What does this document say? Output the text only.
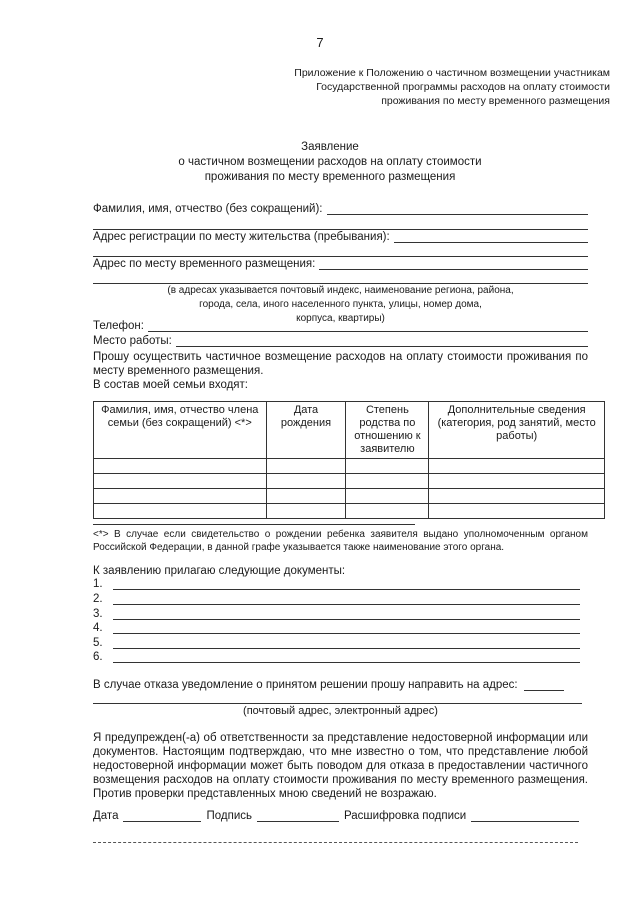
7
Приложение к Положению о частичном возмещении участникам
Государственной программы расходов на оплату стоимости
проживания по месту временного размещения
Заявление
о частичном возмещении расходов на оплату стоимости
проживания по месту временного размещения
Фамилия, имя, отчество (без сокращений):
Адрес регистрации по месту жительства (пребывания):
Адрес по месту временного размещения:
(в адресах указывается почтовый индекс, наименование региона, района,
города, села, иного населенного пункта, улицы, номер дома,
корпуса, квартиры)
Телефон:
Место работы:
Прошу осуществить частичное возмещение расходов на оплату стоимости проживания по месту временного размещения.
В состав моей семьи входят:
Фамилия, имя, отчество члена семьи (без сокращений) <*>	Дата рождения	Степень родства по отношению к заявителю	Дополнительные сведения (категория, род занятий, место работы)

<*> В случае если свидетельство о рождении ребенка заявителя выдано уполномоченным органом Российской Федерации, в данной графе указывается также наименование этого органа.
К заявлению прилагаю следующие документы:
1.
2.
3.
4.
5.
6.
В случае отказа уведомление о принятом решении прошу направить на адрес:
(почтовый адрес, электронный адрес)
Я предупрежден(-а) об ответственности за представление недостоверной информации или документов. Настоящим подтверждаю, что мне известно о том, что представление любой недостоверной информации может быть поводом для отказа в предоставлении частичного возмещения расходов на оплату стоимости проживания по месту временного размещения. Против проверки представленных мною сведений не возражаю.
Дата	Подпись	Расшифровка подписи
